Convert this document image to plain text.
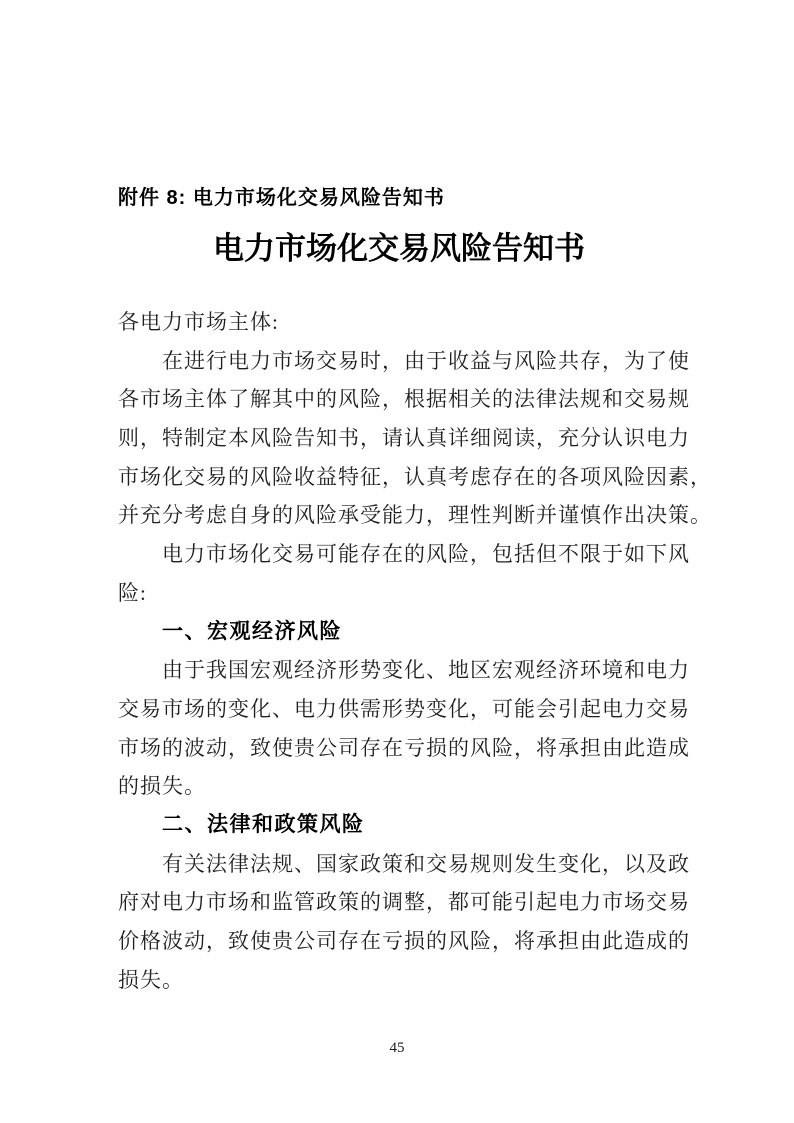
附件 8: 电力市场化交易风险告知书
电力市场化交易风险告知书
各电力市场主体:
在进行电力市场交易时，由于收益与风险共存，为了使
各市场主体了解其中的风险，根据相关的法律法规和交易规
则，特制定本风险告知书，请认真详细阅读，充分认识电力
市场化交易的风险收益特征，认真考虑存在的各项风险因素，
并充分考虑自身的风险承受能力，理性判断并谨慎作出决策。
电力市场化交易可能存在的风险，包括但不限于如下风
险:
一、宏观经济风险
由于我国宏观经济形势变化、地区宏观经济环境和电力
交易市场的变化、电力供需形势变化，可能会引起电力交易
市场的波动，致使贵公司存在亏损的风险，将承担由此造成
的损失。
二、法律和政策风险
有关法律法规、国家政策和交易规则发生变化，以及政
府对电力市场和监管政策的调整，都可能引起电力市场交易
价格波动，致使贵公司存在亏损的风险，将承担由此造成的
损失。
45
